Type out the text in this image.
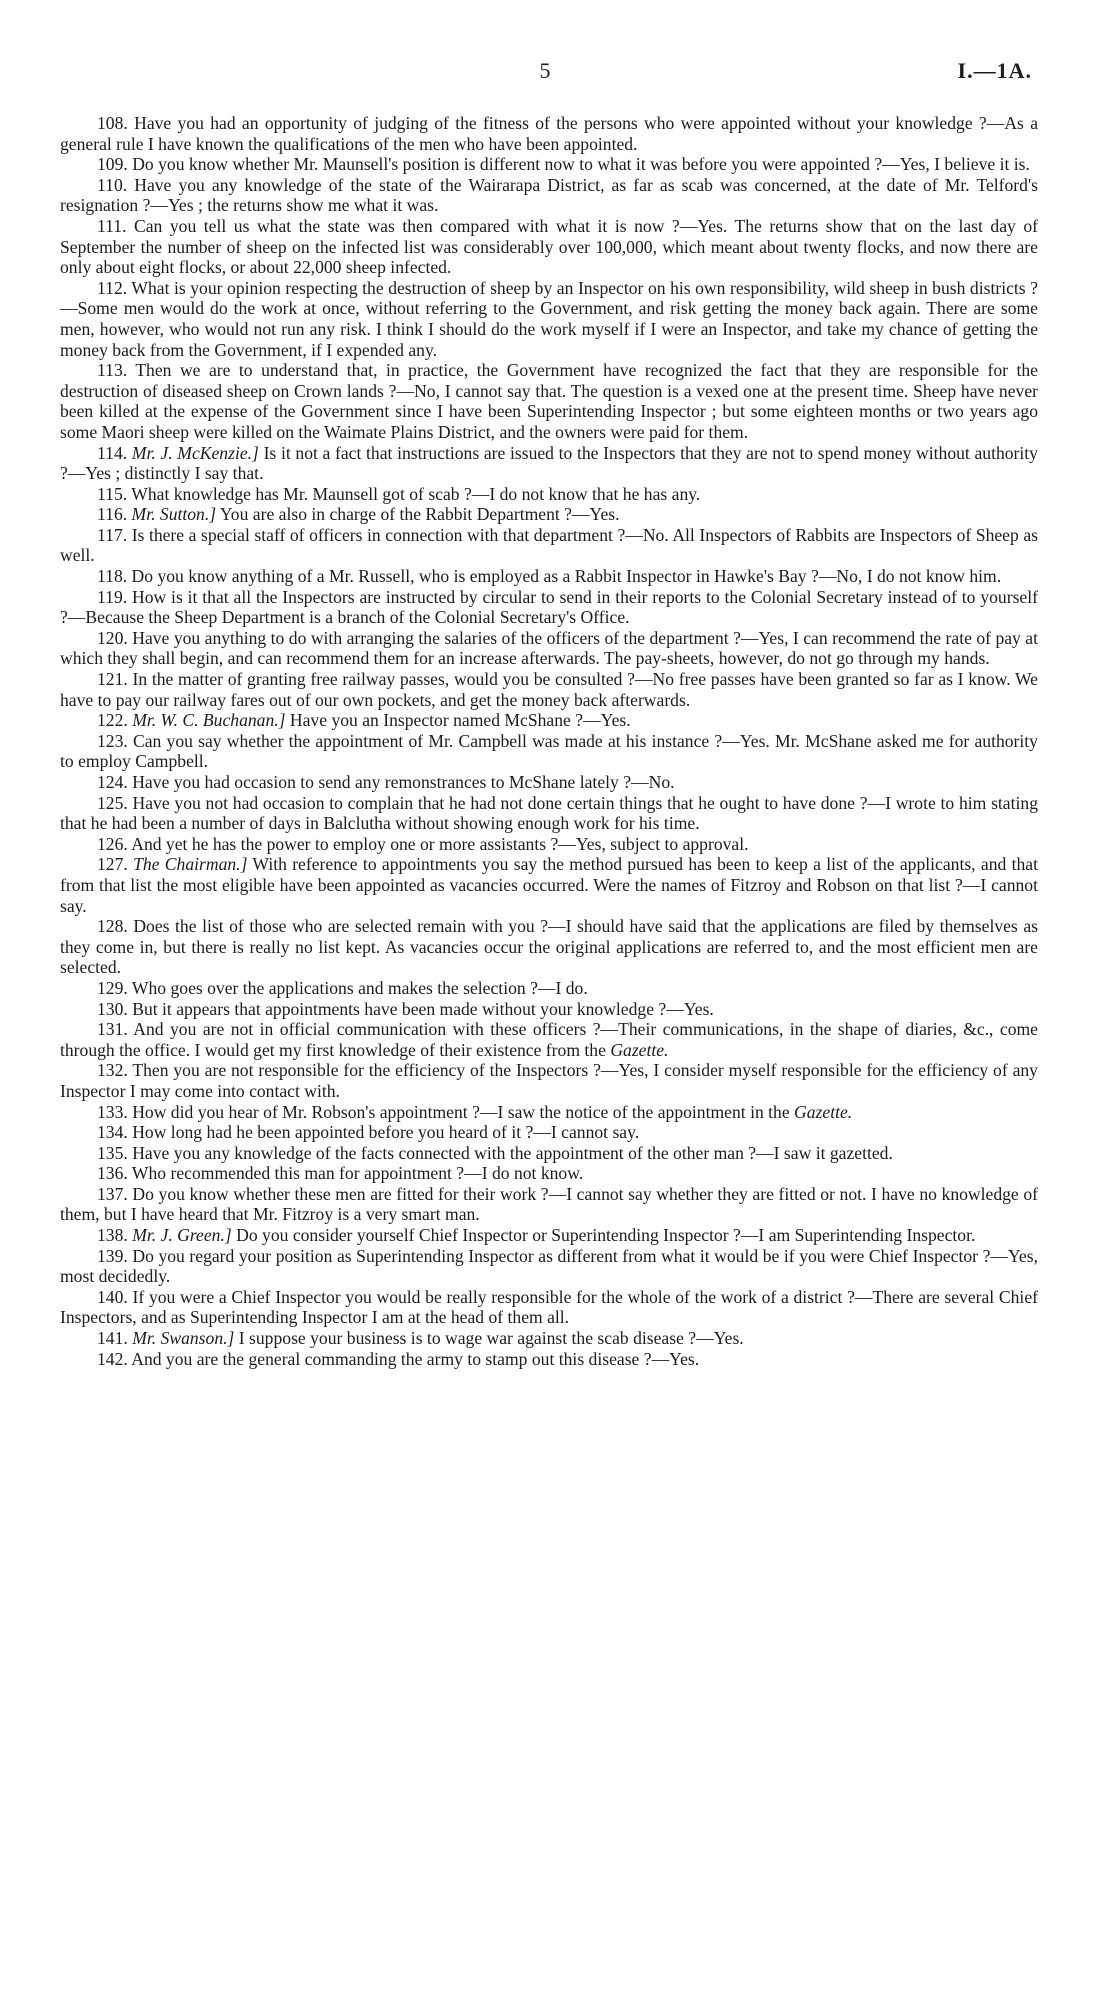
5	I.—1A.

108. Have you had an opportunity of judging of the fitness of the persons who were appointed without your knowledge ?—As a general rule I have known the qualifications of the men who have been appointed.

109. Do you know whether Mr. Maunsell's position is different now to what it was before you were appointed ?—Yes, I believe it is.

110. Have you any knowledge of the state of the Wairarapa District, as far as scab was concerned, at the date of Mr. Telford's resignation ?—Yes ; the returns show me what it was.

111. Can you tell us what the state was then compared with what it is now ?—Yes. The returns show that on the last day of September the number of sheep on the infected list was considerably over 100,000, which meant about twenty flocks, and now there are only about eight flocks, or about 22,000 sheep infected.

112. What is your opinion respecting the destruction of sheep by an Inspector on his own responsibility, wild sheep in bush districts ?—Some men would do the work at once, without referring to the Government, and risk getting the money back again. There are some men, however, who would not run any risk. I think I should do the work myself if I were an Inspector, and take my chance of getting the money back from the Government, if I expended any.

113. Then we are to understand that, in practice, the Government have recognized the fact that they are responsible for the destruction of diseased sheep on Crown lands ?—No, I cannot say that. The question is a vexed one at the present time. Sheep have never been killed at the expense of the Government since I have been Superintending Inspector ; but some eighteen months or two years ago some Maori sheep were killed on the Waimate Plains District, and the owners were paid for them.

114. Mr. J. McKenzie.] Is it not a fact that instructions are issued to the Inspectors that they are not to spend money without authority ?—Yes ; distinctly I say that.

115. What knowledge has Mr. Maunsell got of scab ?—I do not know that he has any.

116. Mr. Sutton.] You are also in charge of the Rabbit Department ?—Yes.

117. Is there a special staff of officers in connection with that department ?—No. All Inspectors of Rabbits are Inspectors of Sheep as well.

118. Do you know anything of a Mr. Russell, who is employed as a Rabbit Inspector in Hawke's Bay ?—No, I do not know him.

119. How is it that all the Inspectors are instructed by circular to send in their reports to the Colonial Secretary instead of to yourself ?—Because the Sheep Department is a branch of the Colonial Secretary's Office.

120. Have you anything to do with arranging the salaries of the officers of the department ?—Yes, I can recommend the rate of pay at which they shall begin, and can recommend them for an increase afterwards. The pay-sheets, however, do not go through my hands.

121. In the matter of granting free railway passes, would you be consulted ?—No free passes have been granted so far as I know. We have to pay our railway fares out of our own pockets, and get the money back afterwards.

122. Mr. W. C. Buchanan.] Have you an Inspector named McShane ?—Yes.

123. Can you say whether the appointment of Mr. Campbell was made at his instance ?—Yes. Mr. McShane asked me for authority to employ Campbell.

124. Have you had occasion to send any remonstrances to McShane lately ?—No.

125. Have you not had occasion to complain that he had not done certain things that he ought to have done ?—I wrote to him stating that he had been a number of days in Balclutha without showing enough work for his time.

126. And yet he has the power to employ one or more assistants ?—Yes, subject to approval.

127. The Chairman.] With reference to appointments you say the method pursued has been to keep a list of the applicants, and that from that list the most eligible have been appointed as vacancies occurred. Were the names of Fitzroy and Robson on that list ?—I cannot say.

128. Does the list of those who are selected remain with you ?—I should have said that the applications are filed by themselves as they come in, but there is really no list kept. As vacancies occur the original applications are referred to, and the most efficient men are selected.

129. Who goes over the applications and makes the selection ?—I do.

130. But it appears that appointments have been made without your knowledge ?—Yes.

131. And you are not in official communication with these officers ?—Their communications, in the shape of diaries, &c., come through the office. I would get my first knowledge of their existence from the Gazette.

132. Then you are not responsible for the efficiency of the Inspectors ?—Yes, I consider myself responsible for the efficiency of any Inspector I may come into contact with.

133. How did you hear of Mr. Robson's appointment ?—I saw the notice of the appointment in the Gazette.

134. How long had he been appointed before you heard of it ?—I cannot say.

135. Have you any knowledge of the facts connected with the appointment of the other man ?—I saw it gazetted.

136. Who recommended this man for appointment ?—I do not know.

137. Do you know whether these men are fitted for their work ?—I cannot say whether they are fitted or not. I have no knowledge of them, but I have heard that Mr. Fitzroy is a very smart man.

138. Mr. J. Green.] Do you consider yourself Chief Inspector or Superintending Inspector ?—I am Superintending Inspector.

139. Do you regard your position as Superintending Inspector as different from what it would be if you were Chief Inspector ?—Yes, most decidedly.

140. If you were a Chief Inspector you would be really responsible for the whole of the work of a district ?—There are several Chief Inspectors, and as Superintending Inspector I am at the head of them all.

141. Mr. Swanson.] I suppose your business is to wage war against the scab disease ?—Yes.

142. And you are the general commanding the army to stamp out this disease ?—Yes.
